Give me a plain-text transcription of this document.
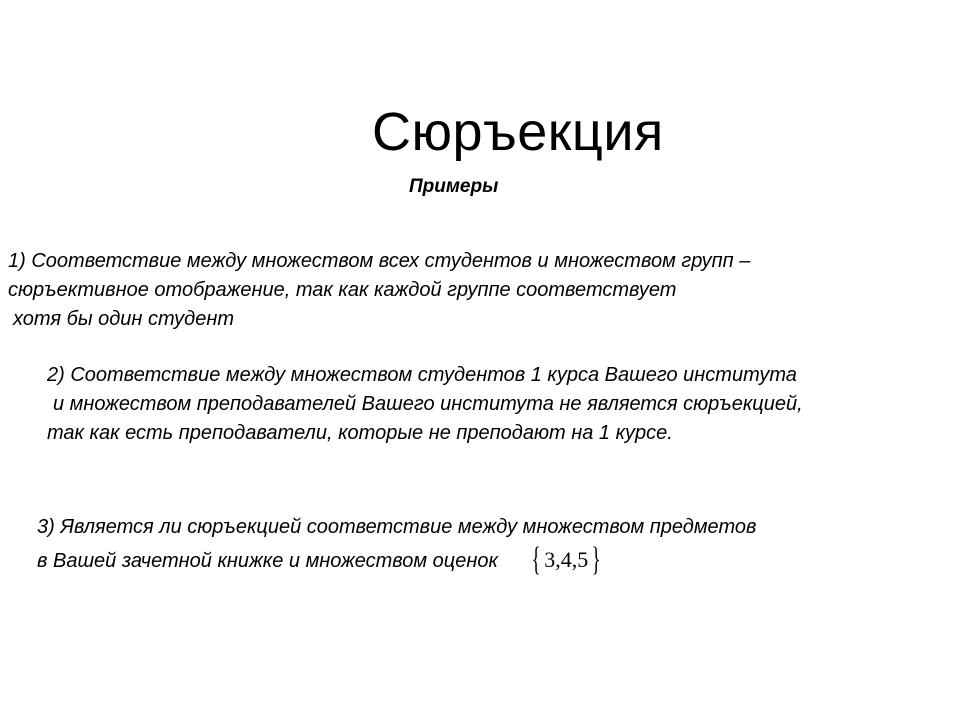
Сюръекция
Примеры
1) Соответствие между множеством всех студентов и множеством групп –
сюръективное отображение, так как каждой группе соответствует
хотя бы один студент
2) Соответствие между множеством студентов 1 курса Вашего института
и множеством преподавателей Вашего института не является сюръекцией,
так как есть преподаватели, которые не преподают на 1 курсе.
3) Является ли сюръекцией соответствие между множеством предметов
в Вашей зачетной книжке и множеством оценок { 3,4,5 }
